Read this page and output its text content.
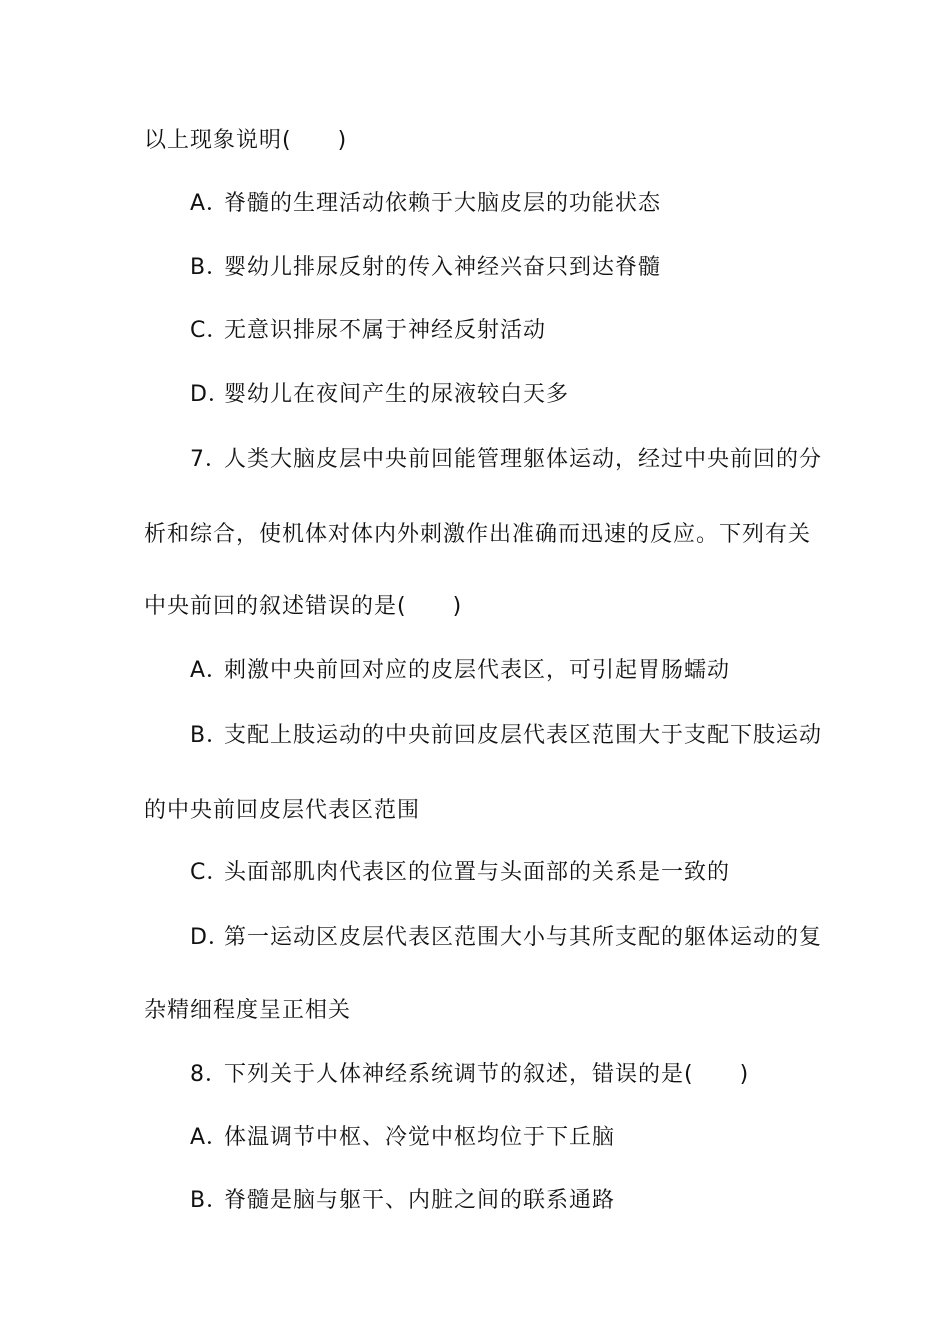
以上现象说明(　　)
A．脊髓的生理活动依赖于大脑皮层的功能状态
B．婴幼儿排尿反射的传入神经兴奋只到达脊髓
C．无意识排尿不属于神经反射活动
D．婴幼儿在夜间产生的尿液较白天多
7．人类大脑皮层中央前回能管理躯体运动，经过中央前回的分
析和综合，使机体对体内外刺激作出准确而迅速的反应。下列有关
中央前回的叙述错误的是(　　)
A．刺激中央前回对应的皮层代表区，可引起胃肠蠕动
B．支配上肢运动的中央前回皮层代表区范围大于支配下肢运动
的中央前回皮层代表区范围
C．头面部肌肉代表区的位置与头面部的关系是一致的
D．第一运动区皮层代表区范围大小与其所支配的躯体运动的复
杂精细程度呈正相关
8．下列关于人体神经系统调节的叙述，错误的是(　　)
A．体温调节中枢、冷觉中枢均位于下丘脑
B．脊髓是脑与躯干、内脏之间的联系通路
